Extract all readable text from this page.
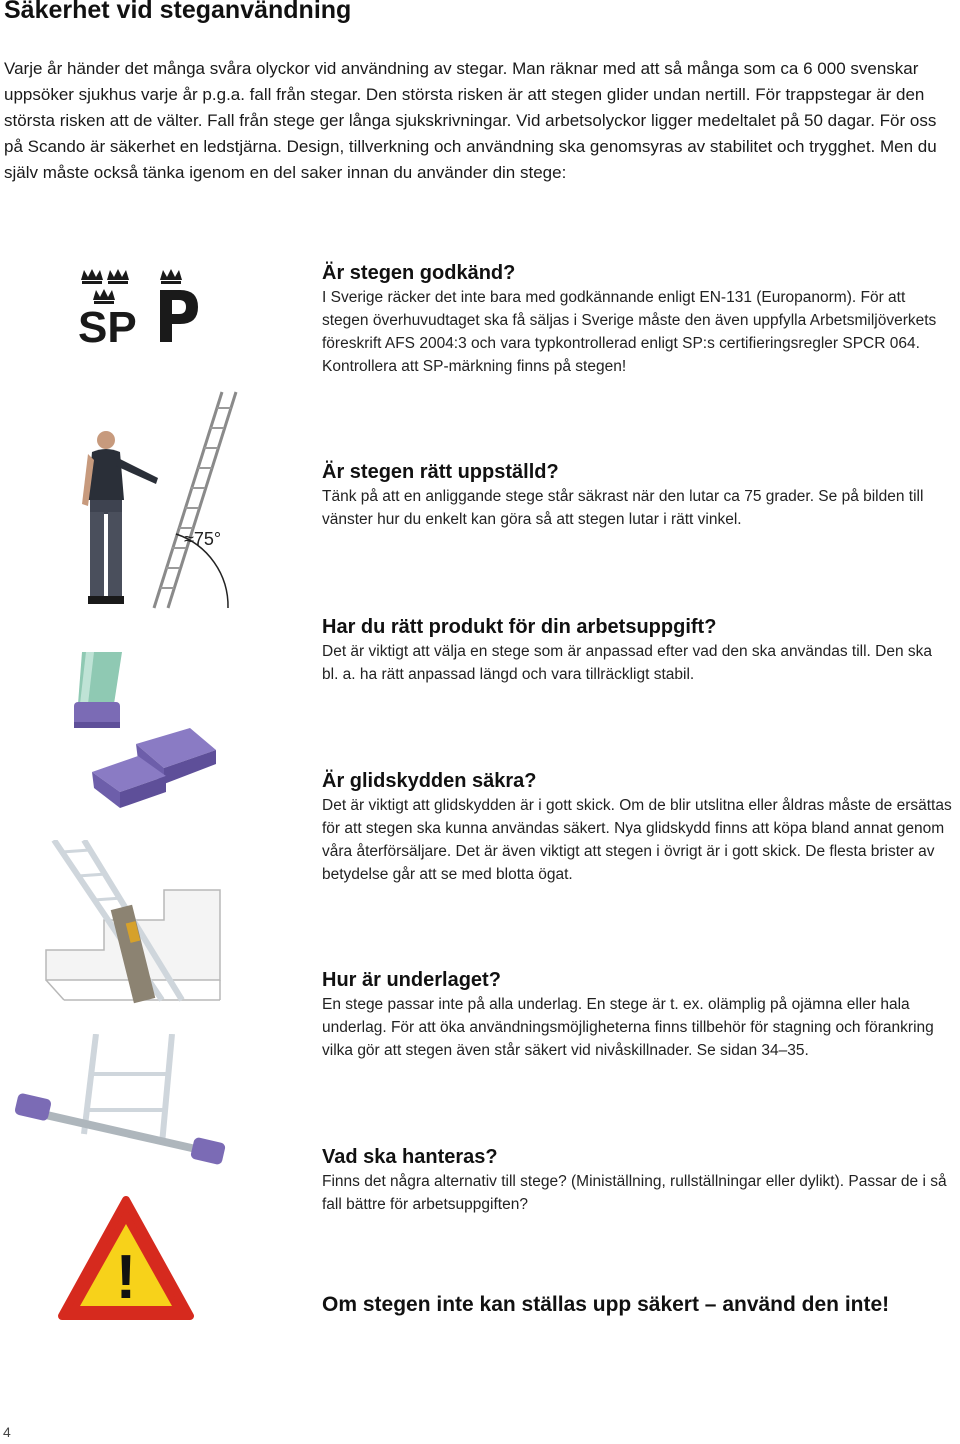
Säkerhet vid steganvändning

Varje år händer det många svåra olyckor vid användning av stegar. Man räknar med att så många som ca 6 000 svenskar uppsöker sjukhus varje år p.g.a. fall från stegar. Den största risken är att stegen glider undan nertill. För trappstegar är den största risken att de välter. Fall från stege ger långa sjukskrivningar. Vid arbetsolyckor ligger medeltalet på 50 dagar. För oss på Scando är säkerhet en ledstjärna. Design, tillverkning och användning ska genomsyras av stabilitet och trygghet. Men du själv måste också tänka igenom en del saker innan du använder din stege:

SP
≈75°
!
Är stegen godkänd?

I Sverige räcker det inte bara med godkännande enligt EN-131 (Europanorm). För att stegen överhuvudtaget ska få säljas i Sverige måste den även uppfylla Arbetsmiljöverkets föreskrift AFS 2004:3 och vara typkontrollerad enligt SP:s certifieringsregler SPCR 064. Kontrollera att SP-märkning finns på stegen!

Är stegen rätt uppställd?

Tänk på att en anliggande stege står säkrast när den lutar ca 75 grader. Se på bilden till vänster hur du enkelt kan göra så att stegen lutar i rätt vinkel.

Har du rätt produkt för din arbetsuppgift?

Det är viktigt att välja en stege som är anpassad efter vad den ska användas till. Den ska bl. a. ha rätt anpassad längd och vara tillräckligt stabil.

Är glidskydden säkra?

Det är viktigt att glidskydden är i gott skick. Om de blir utslitna eller åldras måste de ersättas för att stegen ska kunna användas säkert. Nya glidskydd finns att köpa bland annat genom våra återförsäljare. Det är även viktigt att stegen i övrigt är i gott skick. De flesta brister av betydelse går att se med blotta ögat.

Hur är underlaget?

En stege passar inte på alla underlag. En stege är t. ex. olämplig på ojämna eller hala underlag. För att öka användningsmöjligheterna finns tillbehör för stagning och förankring vilka gör att stegen även står säkert vid nivåskillnader. Se sidan 34–35.

Vad ska hanteras?

Finns det några alternativ till stege? (Ministällning, rullställningar eller dylikt). Passar de i så fall bättre för arbetsuppgiften?

Om stegen inte kan ställas upp säkert – använd den inte!

4
